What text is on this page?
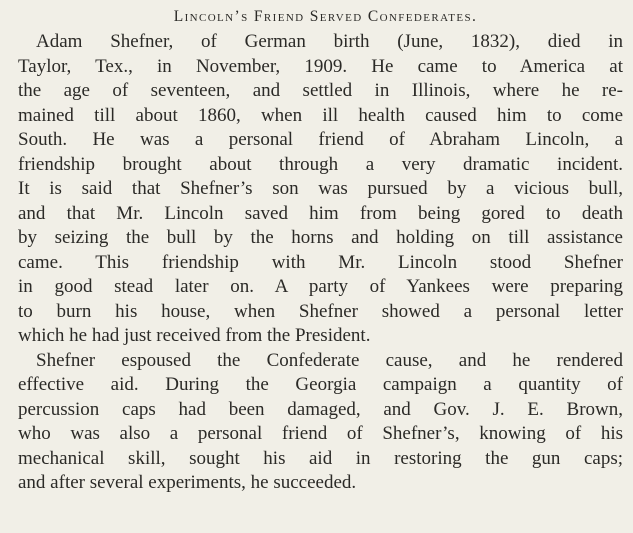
Lincoln’s Friend Served Confederates.
Adam Shefner, of German birth (June, 1832), died in
Taylor, Tex., in November, 1909. He came to America at
the age of seventeen, and settled in Illinois, where he re-
mained till about 1860, when ill health caused him to come
South. He was a personal friend of Abraham Lincoln, a
friendship brought about through a very dramatic incident.
It is said that Shefner’s son was pursued by a vicious bull,
and that Mr. Lincoln saved him from being gored to death
by seizing the bull by the horns and holding on till assistance
came. This friendship with Mr. Lincoln stood Shefner
in good stead later on. A party of Yankees were preparing
to burn his house, when Shefner showed a personal letter
which he had just received from the President.
Shefner espoused the Confederate cause, and he rendered
effective aid. During the Georgia campaign a quantity of
percussion caps had been damaged, and Gov. J. E. Brown,
who was also a personal friend of Shefner’s, knowing of his
mechanical skill, sought his aid in restoring the gun caps;
and after several experiments, he succeeded.
